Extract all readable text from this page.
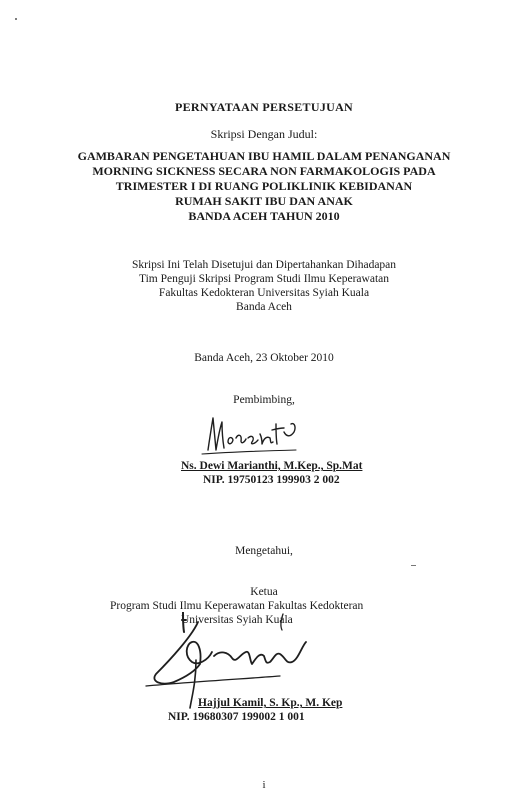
PERNYATAAN PERSETUJUAN
Skripsi Dengan Judul:
GAMBARAN PENGETAHUAN IBU HAMIL DALAM PENANGANAN
MORNING SICKNESS SECARA NON FARMAKOLOGIS PADA
TRIMESTER I DI RUANG POLIKLINIK KEBIDANAN
RUMAH SAKIT IBU DAN ANAK
BANDA ACEH TAHUN 2010
Skripsi Ini Telah Disetujui dan Dipertahankan Dihadapan
Tim Penguji Skripsi Program Studi Ilmu Keperawatan
Fakultas Kedokteran Universitas Syiah Kuala
Banda Aceh
Banda Aceh, 23 Oktober 2010
Pembimbing,
Ns. Dewi Marianthi, M.Kep., Sp.Mat
NIP. 19750123 199903 2 002
Mengetahui,
Ketua
Program Studi Ilmu Keperawatan Fakultas Kedokteran
Universitas Syiah Kuala
Hajjul Kamil, S. Kp., M. Kep
NIP. 19680307 199002 1 001
i
